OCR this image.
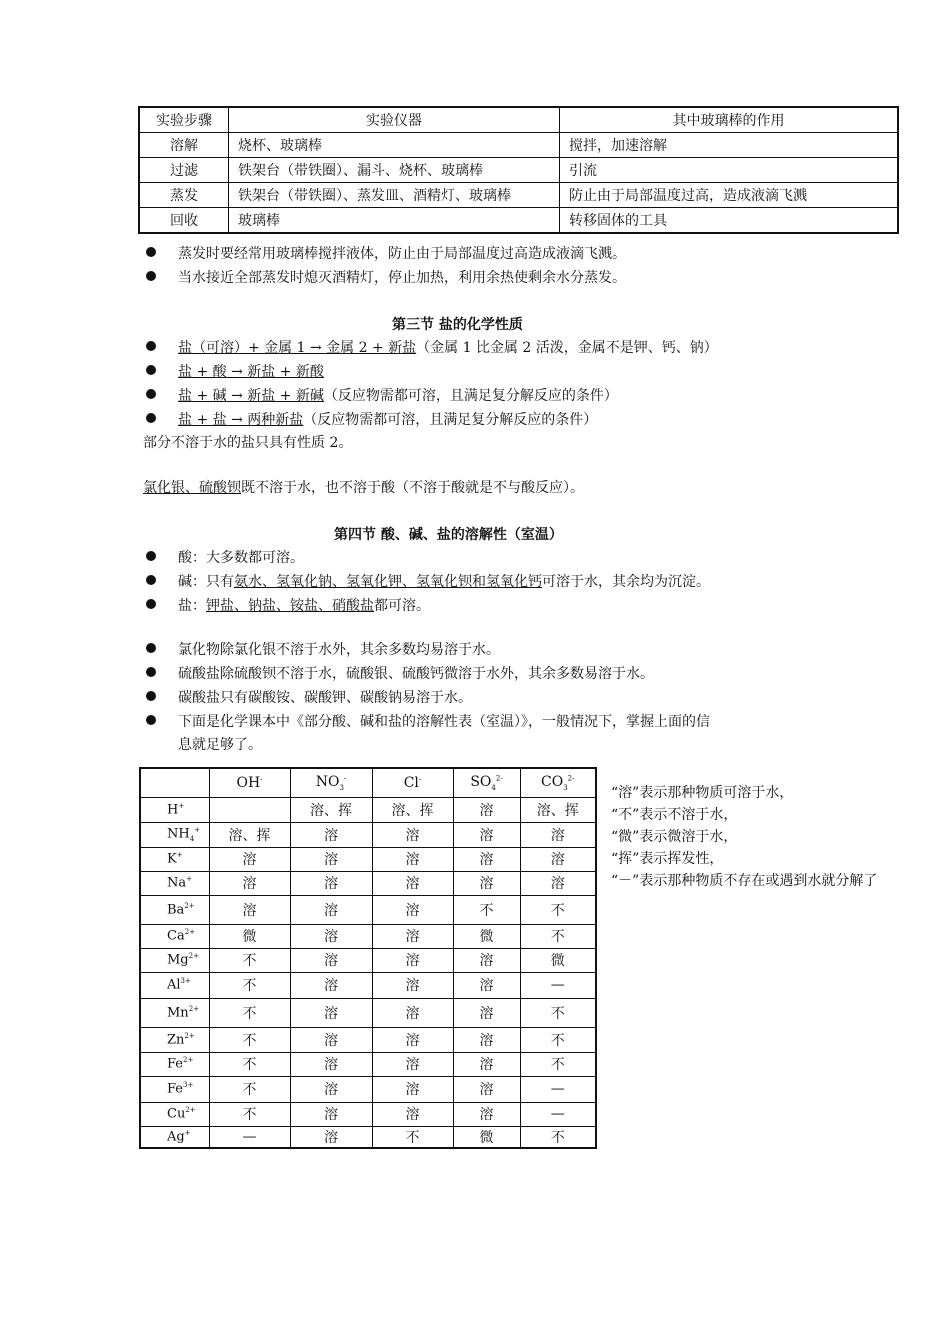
实验步骤	实验仪器	其中玻璃棒的作用
溶解	烧杯、玻璃棒	搅拌，加速溶解
过滤	铁架台（带铁圈）、漏斗、烧杯、玻璃棒	引流
蒸发	铁架台（带铁圈）、蒸发皿、酒精灯、玻璃棒	防止由于局部温度过高，造成液滴飞溅
回收	玻璃棒	转移固体的工具
蒸发时要经常用玻璃棒搅拌液体，防止由于局部温度过高造成液滴飞溅。
当水接近全部蒸发时熄灭酒精灯，停止加热，利用余热使剩余水分蒸发。
第三节 盐的化学性质
盐（可溶）+ 金属 1 → 金属 2 + 新盐（金属 1 比金属 2 活泼，金属不是钾、钙、钠）
盐 + 酸 → 新盐 + 新酸
盐 + 碱 → 新盐 + 新碱（反应物需都可溶，且满足复分解反应的条件）
盐 + 盐 → 两种新盐（反应物需都可溶，且满足复分解反应的条件）
部分不溶于水的盐只具有性质 2。
氯化银、硫酸钡既不溶于水，也不溶于酸（不溶于酸就是不与酸反应）。
第四节 酸、碱、盐的溶解性（室温）
酸：大多数都可溶。
碱：只有氨水、氢氧化钠、氢氧化钾、氢氧化钡和氢氧化钙可溶于水，其余均为沉淀。
盐：钾盐、钠盐、铵盐、硝酸盐都可溶。
氯化物除氯化银不溶于水外，其余多数均易溶于水。
硫酸盐除硫酸钡不溶于水，硫酸银、硫酸钙微溶于水外，其余多数易溶于水。
碳酸盐只有碳酸铵、碳酸钾、碳酸钠易溶于水。
下面是化学课本中《部分酸、碱和盐的溶解性表（室温）》，一般情况下，掌握上面的信
息就足够了。
	OH-	$NO_3^-$	Cl-	$SO_4^{2-}$	$CO_3^{2-}$
H+		溶、挥	溶、挥	溶	溶、挥
$NH_4^+$	溶、挥	溶	溶	溶	溶
K+	溶	溶	溶	溶	溶
Na+	溶	溶	溶	溶	溶
$Ba^{2+}$	溶	溶	溶	不	不
$Ca^{2+}$	微	溶	溶	微	不
$Mg^{2+}$	不	溶	溶	溶	微
$Al^{3+}$	不	溶	溶	溶	—
$Mn^{2+}$	不	溶	溶	溶	不
$Zn^{2+}$	不	溶	溶	溶	不
$Fe^{2+}$	不	溶	溶	溶	不
$Fe^{3+}$	不	溶	溶	溶	—
$Cu^{2+}$	不	溶	溶	溶	—
Ag+	—	溶	不	微	不
“溶”表示那种物质可溶于水，
“不”表示不溶于水，
“微”表示微溶于水，
“挥”表示挥发性，
“－”表示那种物质不存在或遇到水就分解了
